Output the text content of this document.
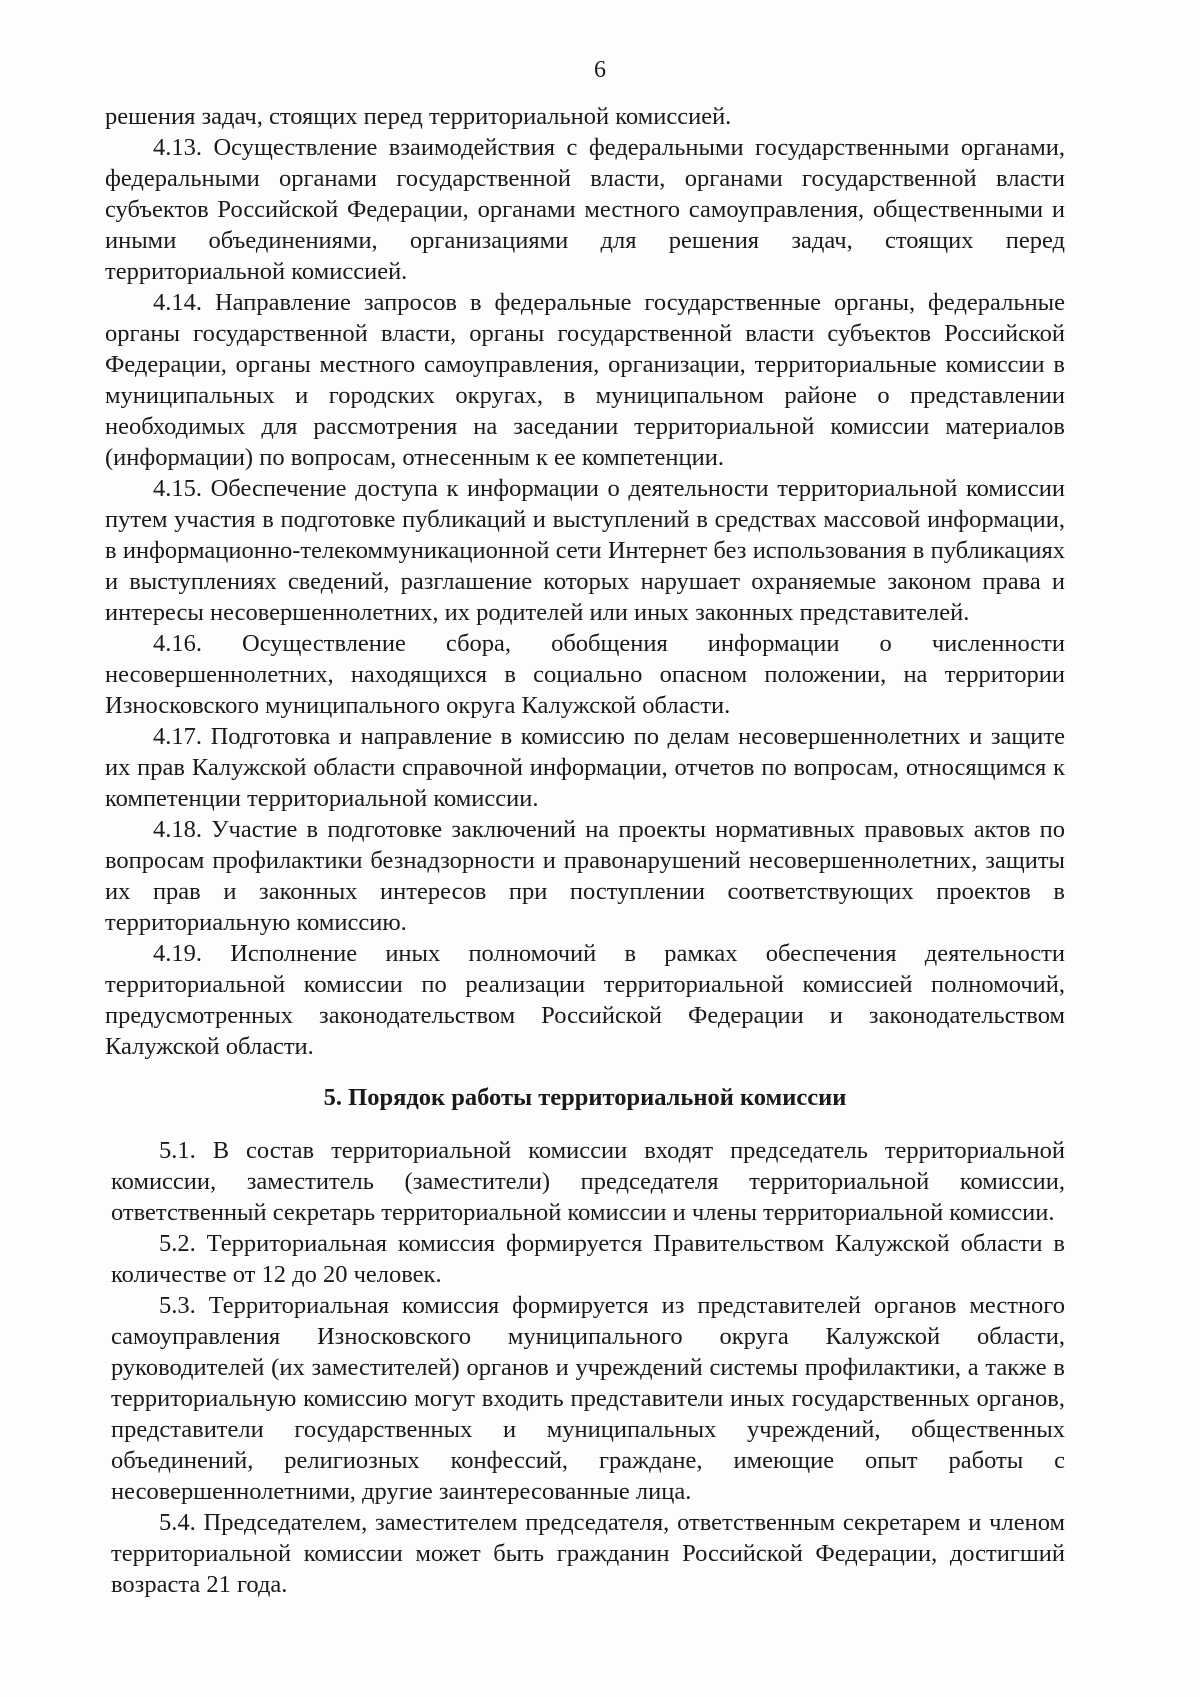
6

решения задач, стоящих перед территориальной комиссией.

4.13. Осуществление взаимодействия с федеральными государственными органами, федеральными органами государственной власти, органами государственной власти субъектов Российской Федерации, органами местного самоуправления, общественными и иными объединениями, организациями для решения задач, стоящих перед территориальной комиссией.

4.14. Направление запросов в федеральные государственные органы, федеральные органы государственной власти, органы государственной власти субъектов Российской Федерации, органы местного самоуправления, организации, территориальные комиссии в муниципальных и городских округах, в муниципальном районе о представлении необходимых для рассмотрения на заседании территориальной комиссии материалов (информации) по вопросам, отнесенным к ее компетенции.

4.15. Обеспечение доступа к информации о деятельности территориальной комиссии путем участия в подготовке публикаций и выступлений в средствах массовой информации, в информационно-телекоммуникационной сети Интернет без использования в публикациях и выступлениях сведений, разглашение которых нарушает охраняемые законом права и интересы несовершеннолетних, их родителей или иных законных представителей.

4.16. Осуществление сбора, обобщения информации о численности несовершеннолетних, находящихся в социально опасном положении, на территории Износковского муниципального округа Калужской области.

4.17. Подготовка и направление в комиссию по делам несовершеннолетних и защите их прав Калужской области справочной информации, отчетов по вопросам, относящимся к компетенции территориальной комиссии.

4.18. Участие в подготовке заключений на проекты нормативных правовых актов по вопросам профилактики безнадзорности и правонарушений несовершеннолетних, защиты их прав и законных интересов при поступлении соответствующих проектов в территориальную комиссию.

4.19. Исполнение иных полномочий в рамках обеспечения деятельности территориальной комиссии по реализации территориальной комиссией полномочий, предусмотренных законодательством Российской Федерации и законодательством Калужской области.

5. Порядок работы территориальной комиссии

5.1. В состав территориальной комиссии входят председатель территориальной комиссии, заместитель (заместители) председателя территориальной комиссии, ответственный секретарь территориальной комиссии и члены территориальной комиссии.

5.2. Территориальная комиссия формируется Правительством Калужской области в количестве от 12 до 20 человек.

5.3. Территориальная комиссия формируется из представителей органов местного самоуправления Износковского муниципального округа Калужской области, руководителей (их заместителей) органов и учреждений системы профилактики, а также в территориальную комиссию могут входить представители иных государственных органов, представители государственных и муниципальных учреждений, общественных объединений, религиозных конфессий, граждане, имеющие опыт работы с несовершеннолетними, другие заинтересованные лица.

5.4. Председателем, заместителем председателя, ответственным секретарем и членом территориальной комиссии может быть гражданин Российской Федерации, достигший возраста 21 года.
